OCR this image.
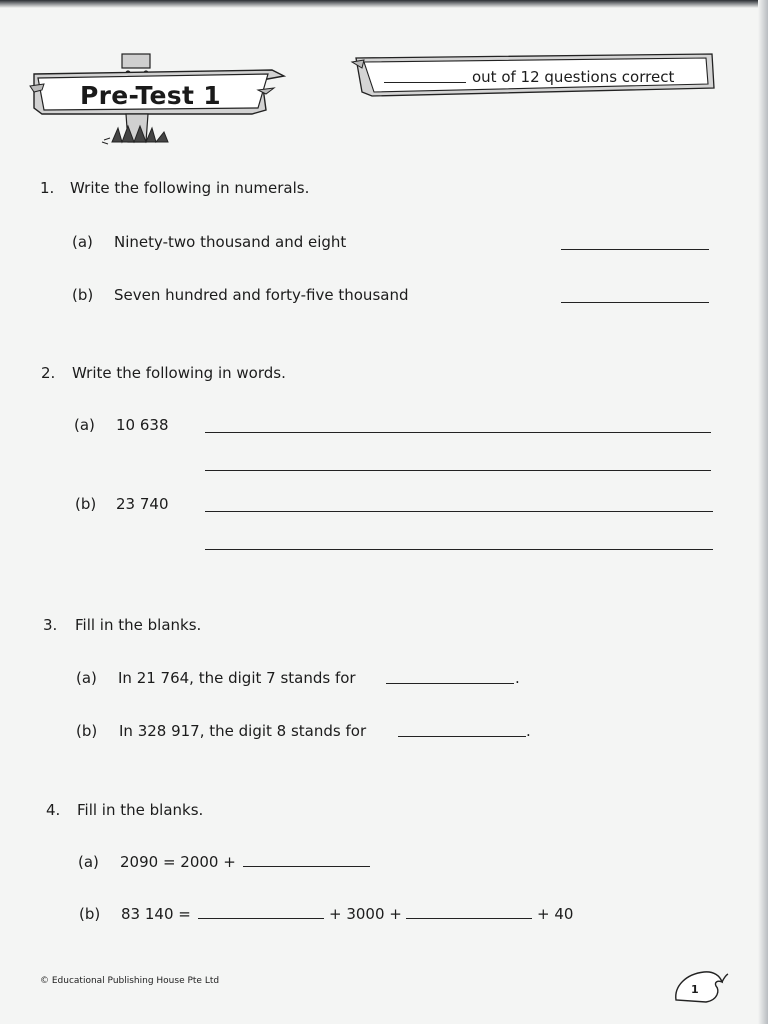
Pre-Test 1
out of 12 questions correct
1. Write the following in numerals.
(a) Ninety-two thousand and eight
(b) Seven hundred and forty-five thousand
2. Write the following in words.
(a) 10 638
(b) 23 740
3. Fill in the blanks.
(a) In 21 764, the digit 7 stands for	.
(b) In 328 917, the digit 8 stands for	.
4. Fill in the blanks.
(a) 2090 = 2000 +
(b) 83 140 =	+ 3000 +	+ 40
© Educational Publishing House Pte Ltd
1
